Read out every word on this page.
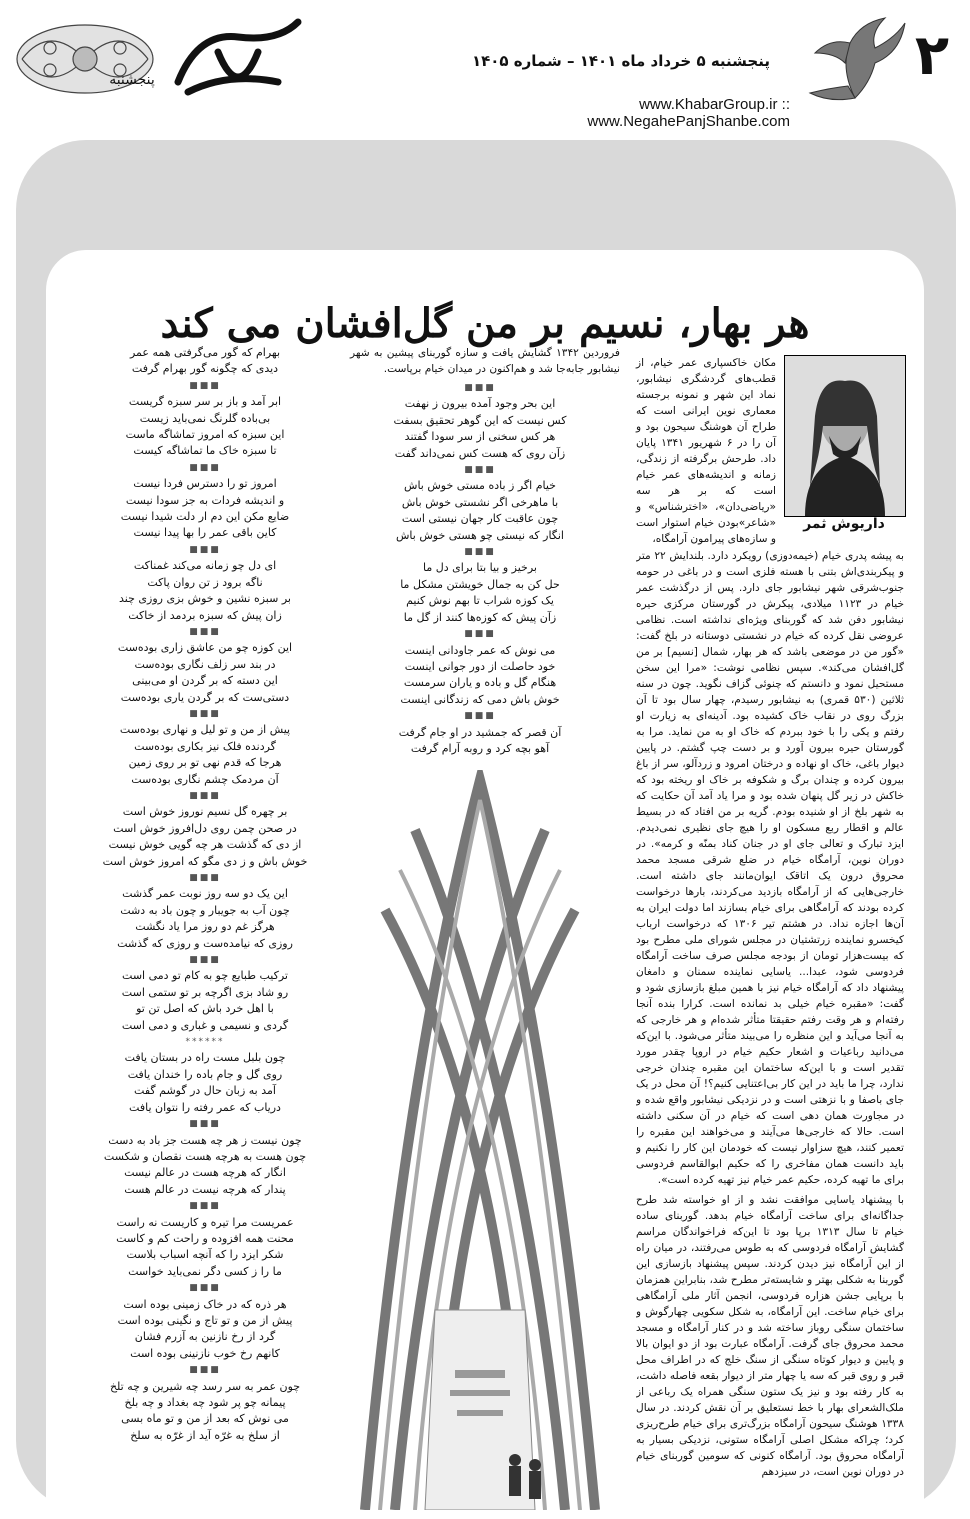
پنجشنبه
پنجشنبه ۵ خرداد ماه ۱۴۰۱ – شماره ۱۴۰۵
www.KhabarGroup.ir :: www.NegahePanjShanbe.com
۲
هر بهار، نسیم بر من گل‌افشان می کند
داریوش ثمر
مکان خاکسپاری عمر خیام، از قطب‌های گردشگری نیشابور، نماد این شهر و نمونه برجسته معماری نوین ایرانی است که طراح آن هوشنگ سیحون بود و آن را در ۶ شهریور ۱۳۴۱ پایان داد. طرحش برگرفته از زندگی، زمانه و اندیشه‌های عمر خیام است که بر هر سه «ریاضی‌دان»، «اخترشناس» و «شاعر»بودن خیام استوار است و سازه‌های پیرامون آرامگاه،

به پیشه پدری خیام (خیمه‌دوزی) رویکرد دارد. بلندایش ۲۲ متر و پیکربندی‌اش بتنی با هسته فلزی است و در باغی در حومه جنوب‌شرقی شهر نیشابور جای دارد. پس از درگذشت عمر خیام در ۱۱۲۳ میلادی، پیکرش در گورستان مرکزی حیره نیشابور دفن شد که گوربنای ویژه‌ای نداشته است. نظامی عروضی نقل کرده که خیام در نشستی دوستانه در بلخ گفت: «گور من در موضعی باشد که هر بهار، شمال [نسیم] بر من گل‌افشان می‌کند». سپس نظامی نوشت: «مرا این سخن مستحیل نمود و دانستم که چنوئی گزاف نگوید. چون در سنه ثلاثین (۵۳۰ قمری) به نیشابور رسیدم، چهار سال بود تا آن بزرگ روی در نقاب خاک کشیده بود. آدینه‌ای به زیارت او رفتم و یکی را با خود ببردم که خاک او به من نماید. مرا به گورستان حیره بیرون آورد و بر دست چپ گشتم. در پایین دیوار باغی، خاک او نهاده و درختان امرود و زردآلو، سر از باغ بیرون کرده و چندان برگ و شکوفه بر خاک او ریخته بود که خاکش در زیر گل پنهان شده بود و مرا یاد آمد آن حکایت که به شهر بلخ از او شنیده بودم. گریه بر من افتاد که در بسیط عالم و اقطار ربع مسکون او را هیچ جای نظیری نمی‌دیدم. ایزد تبارک و تعالی جای او در جنان کناد بمنّه و کرمه». در دوران نوین، آرامگاه خیام در ضلع شرقی مسجد محمد محروق درون یک اتاقک ایوان‌مانند جای داشته است. خارجی‌هایی که از آرامگاه بازدید می‌کردند، بارها درخواست کرده بودند که آرامگاهی برای خیام بسازند اما دولت ایران به آن‌ها اجازه نداد. در هشتم تیر ۱۳۰۶ که درخواست ارباب کیخسرو نماینده زرتشتیان در مجلس شورای ملی مطرح بود که بیست‌هزار تومان از بودجه مجلس صرف ساخت آرامگاه فردوسی شود، عبدا... یاسایی نماینده سمنان و دامغان پیشنهاد داد که آرامگاه خیام نیز با همین مبلغ بازسازی شود و گفت: «مقبره خیام خیلی بد نمانده است. کرارا بنده آنجا رفته‌ام و هر وقت رفتم حقیقتا متأثر شده‌ام و هر خارجی که به آنجا می‌آید و این منظره را می‌بیند متأثر می‌شود. با این‌که می‌دانید رباعیات و اشعار حکیم خیام در اروپا چقدر مورد تقدیر است و با این‌که ساختمان این مقبره چندان خرجی ندارد، چرا ما باید در این کار بی‌اعتنایی کنیم؟! آن محل در یک جای باصفا و با نزهتی است و در نزدیکی نیشابور واقع شده و در مجاورت همان دهی است که خیام در آن سکنی داشته است. حالا که خارجی‌ها می‌آیند و می‌خواهند این مقبره را تعمیر کنند، هیچ سزاوار نیست که خودمان این کار را نکنیم و باید دانست همان مفاخری را که حکیم ابوالقاسم فردوسی برای ما تهیه کرده، حکیم عمر خیام نیز تهیه کرده است».

با پیشنهاد یاسایی موافقت نشد و از او خواسته شد طرح جداگانه‌ای برای ساخت آرامگاه خیام بدهد. گوربنای ساده خیام تا سال ۱۳۱۳ برپا بود تا این‌که فراخواندگان مراسم گشایش آرامگاه فردوسی که به طوس می‌رفتند، در میان راه از این آرامگاه نیز دیدن کردند. سپس پیشنهاد بازسازی این گوربنا به شکلی بهتر و شایسته‌تر مطرح شد، بنابراین همزمان با برپایی جشن هزاره فردوسی، انجمن آثار ملی آرامگاهی برای خیام ساخت. این آرامگاه، به شکل سکویی چهارگوش و ساختمان سنگی روباز ساخته شد و در کنار آرامگاه و مسجد محمد محروق جای گرفت. آرامگاه عبارت بود از دو ایوان بالا و پایین و دیوار کوتاه سنگی از سنگ خلج که در اطراف محل قبر و روی قبر که سه یا چهار متر از دیوار بقعه فاصله داشت، به کار رفته بود و نیز یک ستون سنگی همراه یک رباعی از ملک‌الشعرای بهار با خط نستعلیق بر آن نقش کردند. در سال ۱۳۳۸ هوشنگ سیحون آرامگاه بزرگ‌تری برای خیام طرح‌ریزی کرد؛ چراکه مشکل اصلی آرامگاه ستونی، نزدیکی بسیار به آرامگاه محروق بود. آرامگاه کنونی که سومین گوربنای خیام در دوران نوین است، در سیزدهم

فروردین ۱۳۴۲ گشایش یافت و سازه گوربنای پیشین به شهر نیشابور جابه‌جا شد و هم‌اکنون در میدان خیام برپاست.
■■■
این بحر وجود آمده بیرون ز نهفت
کس نیست که این گوهر تحقیق بسفت
هر کس سخنی از سر سودا گفتند
زآن روی که هست کس نمی‌داند گفت
■■■
خیام اگر ز باده مستی خوش باش
با ماهرخی اگر نشستی خوش باش
چون عاقبت کار جهان نیستی است
انگار که نیستی چو هستی خوش باش
■■■
برخیز و بیا بتا برای دل ما
حل کن به جمال خویشتن مشکل ما
یک کوزه شراب تا بهم نوش کنیم
زآن پیش که کوزه‌ها کنند از گل ما
■■■
می نوش که عمر جاودانی اینست
خود حاصلت از دور جوانی اینست
هنگام گل و باده و یاران سرمست
خوش باش دمی که زندگانی اینست
■■■
آن قصر که جمشید در او جام گرفت
آهو بچه کرد و روبه آرام گرفت
بهرام که گور می‌گرفتی همه عمر
دیدی که چگونه گور بهرام گرفت
■■■
ابر آمد و باز بر سر سبزه گریست
بی‌باده گلرنگ نمی‌باید زیست
این سبزه که امروز تماشاگه ماست
تا سبزه خاک ما تماشاگه کیست
■■■
امروز تو را دسترس فردا نیست
و اندیشه فردات به جز سودا نیست
ضایع مکن این دم ار دلت شیدا نیست
کاین باقی عمر را بها پیدا نیست
■■■
ای دل چو زمانه می‌کند غمناکت
ناگه برود ز تن روان پاکت
بر سبزه نشین و خوش بزی روزی چند
زان پیش که سبزه بردمد از خاکت
■■■
این کوزه چو من عاشق زاری بوده‌ست
در بند سر زلف نگاری بوده‌ست
این دسته که بر گردن او می‌بینی
دستی‌ست که بر گردن یاری بوده‌ست
■■■
پیش از من و تو لیل و نهاری بوده‌ست
گردنده فلک نیز بکاری بوده‌ست
هرجا که قدم نهی تو بر روی زمین
آن مردمک چشم نگاری بوده‌ست
■■■
بر چهره گل نسیم نوروز خوش است
در صحن چمن روی دل‌افروز خوش است
از دی که گذشت هر چه گویی خوش نیست
خوش باش و ز دی مگو که امروز خوش است
■■■
این یک دو سه روز نوبت عمر گذشت
چون آب به جویبار و چون باد به دشت
هرگز غم دو روز مرا یاد نگشت
روزی که نیامده‌ست و روزی که گذشت
■■■
ترکیب طبایع چو به کام تو دمی است
رو شاد بزی اگرچه بر تو ستمی است
با اهل خرد باش که اصل تن تو
گردی و نسیمی و غباری و دمی است
******
چون بلبل مست راه در بستان یافت
روی گل و جام باده را خندان یافت
آمد به زبان حال در گوشم گفت
دریاب که عمر رفته را نتوان یافت
■■■
چون نیست ز هر چه هست جز باد به دست
چون هست به هرچه هست نقصان و شکست
انگار که هرچه هست در عالم نیست
پندار که هرچه نیست در عالم هست
■■■
عمریست مرا تیره و کاریست نه راست
محنت همه افزوده و راحت کم و کاست
شکر ایزد را که آنچه اسباب بلاست
ما را ز کسی دگر نمی‌باید خواست
■■■
هر ذره که در خاک زمینی بوده است
پیش از من و تو تاج و نگینی بوده است
گرد از رخ نازنین به آزرم فشان
کانهم رخ خوب نازنینی بوده است
■■■
چون عمر به سر رسد چه شیرین و چه تلخ
پیمانه چو پر شود چه بغداد و چه بلخ
می نوش که بعد از من و تو ماه بسی
از سلخ به غرّه آید از غرّه به سلخ
